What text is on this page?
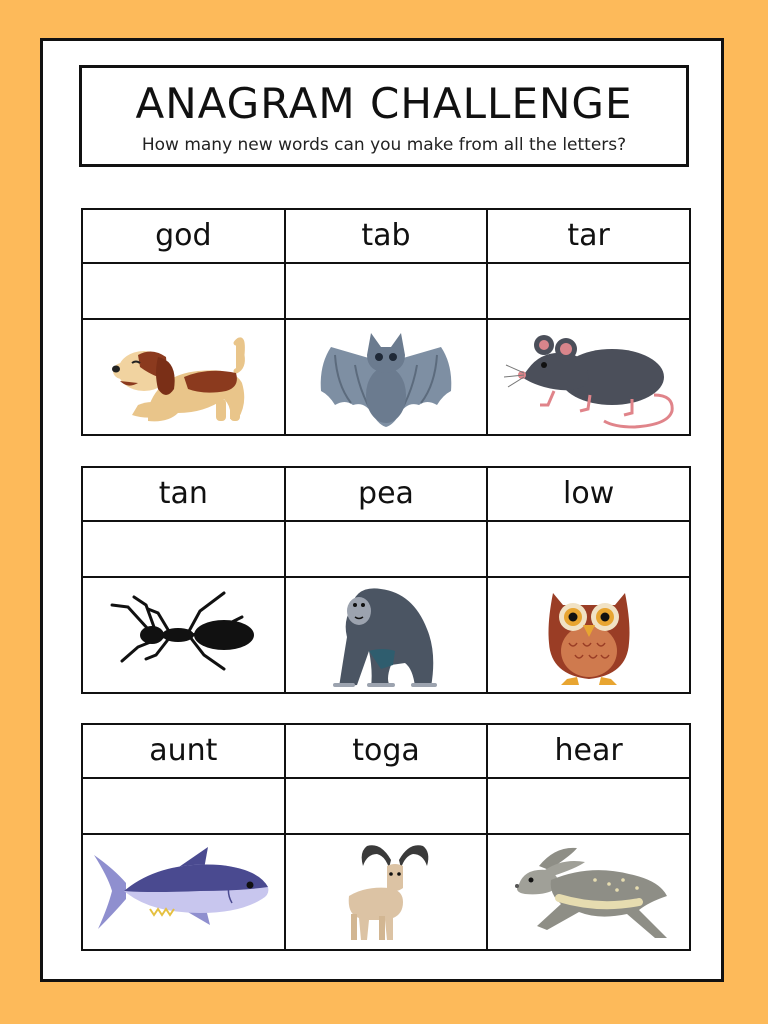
ANAGRAM CHALLENGE
How many new words can you make from all the letters?
god	tab	tar

tan	pea	low

aunt	toga	hear
